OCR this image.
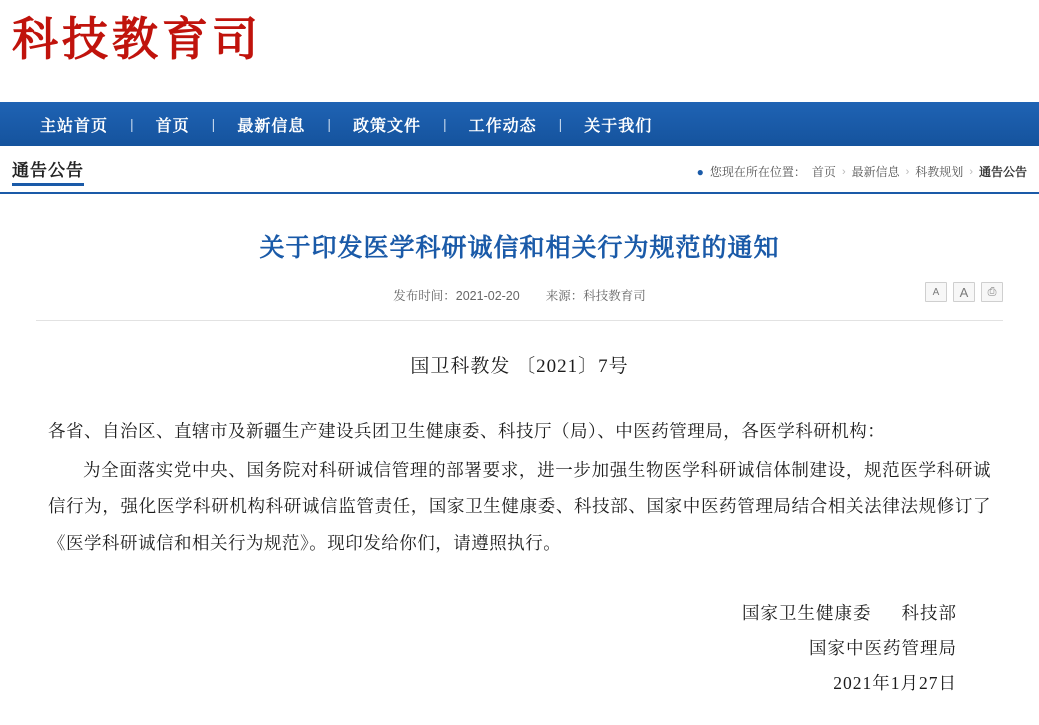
科技教育司
主站首页	|	首页	|	最新信息	|	政策文件	|	工作动态	|	关于我们
通告公告	● 您现在所在位置： 首页 › 最新信息 › 科教规划 › 通告公告
关于印发医学科研诚信和相关行为规范的通知
发布时间：2021-02-20 来源：科技教育司	A	A	⎙
国卫科教发 〔2021〕7号

各省、自治区、直辖市及新疆生产建设兵团卫生健康委、科技厅（局）、中医药管理局，各医学科研机构：

为全面落实党中央、国务院对科研诚信管理的部署要求，进一步加强生物医学科研诚信体制建设，规范医学科研诚信行为，强化医学科研机构科研诚信监管责任，国家卫生健康委、科技部、国家中医药管理局结合相关法律法规修订了《医学科研诚信和相关行为规范》。现印发给你们，请遵照执行。

国家卫生健康委 科技部
国家中医药管理局
2021年1月27日
